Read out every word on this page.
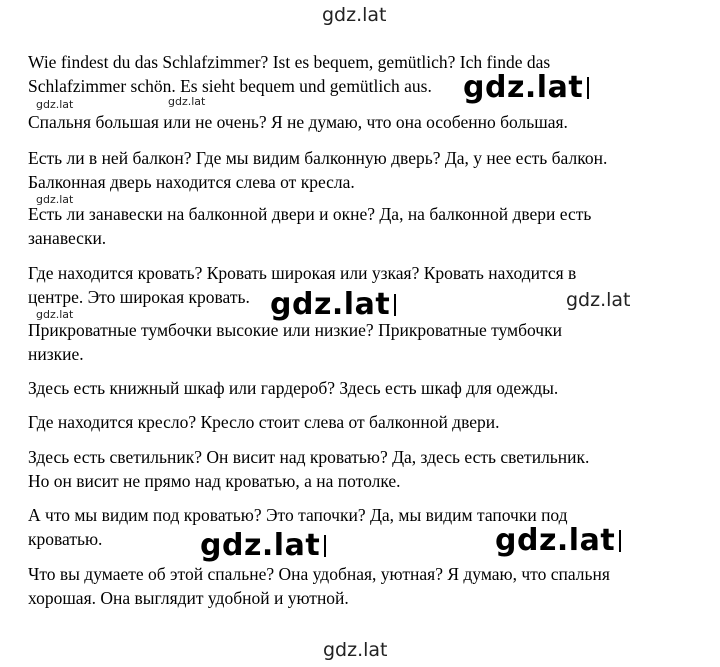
Wie findest du das Schlafzimmer? Ist es bequem, gemütlich? Ich finde das
Schlafzimmer schön. Es sieht bequem und gemütlich aus.

Спальня большая или не очень? Я не думаю, что она особенно большая.

Есть ли в ней балкон? Где мы видим балконную дверь? Да, у нее есть балкон.
Балконная дверь находится слева от кресла.

Есть ли занавески на балконной двери и окне? Да, на балконной двери есть
занавески.

Где находится кровать? Кровать широкая или узкая? Кровать находится в
центре. Это широкая кровать.

Прикроватные тумбочки высокие или низкие? Прикроватные тумбочки
низкие.

Здесь есть книжный шкаф или гардероб? Здесь есть шкаф для одежды.

Где находится кресло? Кресло стоит слева от балконной двери.

Здесь есть светильник? Он висит над кроватью? Да, здесь есть светильник.
Но он висит не прямо над кроватью, а на потолке.

А что мы видим под кроватью? Это тапочки? Да, мы видим тапочки под
кроватью.

Что вы думаете об этой спальне? Она удобная, уютная? Я думаю, что спальня
хорошая. Она выглядит удобной и уютной.

gdz.lat
gdz.lat	gdz.lat	gdz.lat
gdz.lat
gdz.lat	gdz.lat
gdz.lat
gdz.lat	gdz.lat
gdz.lat
